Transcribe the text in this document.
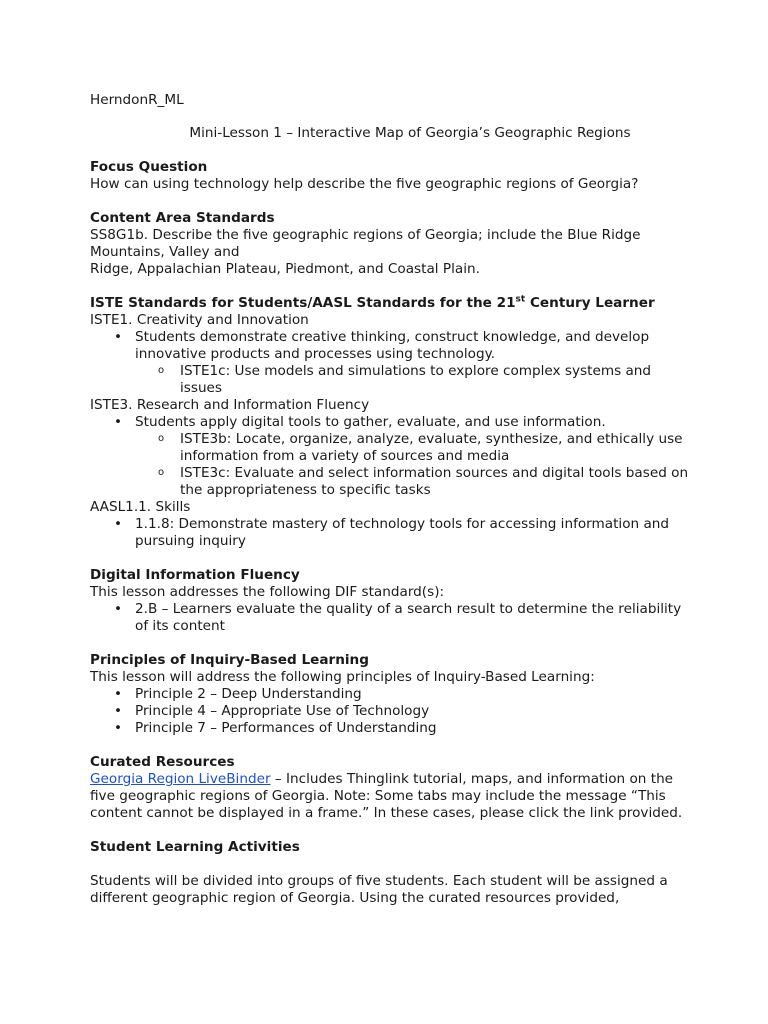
HerndonR_ML

Mini-Lesson 1 – Interactive Map of Georgia’s Geographic Regions

Focus Question

How can using technology help describe the five geographic regions of Georgia?

Content Area Standards

SS8G1b. Describe the five geographic regions of Georgia; include the Blue Ridge

Mountains, Valley and

Ridge, Appalachian Plateau, Piedmont, and Coastal Plain.

ISTE Standards for Students/AASL Standards for the 21st Century Learner

ISTE1. Creativity and Innovation

• Students demonstrate creative thinking, construct knowledge, and develop innovative products and processes using technology.
o ISTE1c: Use models and simulations to explore complex systems and issues

ISTE3. Research and Information Fluency

• Students apply digital tools to gather, evaluate, and use information.
o ISTE3b: Locate, organize, analyze, evaluate, synthesize, and ethically use information from a variety of sources and media
o ISTE3c: Evaluate and select information sources and digital tools based on the appropriateness to specific tasks

AASL1.1. Skills

• 1.1.8: Demonstrate mastery of technology tools for accessing information and pursuing inquiry

Digital Information Fluency

This lesson addresses the following DIF standard(s):

• 2.B – Learners evaluate the quality of a search result to determine the reliability of its content

Principles of Inquiry-Based Learning

This lesson will address the following principles of Inquiry-Based Learning:

• Principle 2 – Deep Understanding
• Principle 4 – Appropriate Use of Technology
• Principle 7 – Performances of Understanding

Curated Resources

Georgia Region LiveBinder – Includes Thinglink tutorial, maps, and information on the five geographic regions of Georgia. Note: Some tabs may include the message “This content cannot be displayed in a frame.” In these cases, please click the link provided.

Student Learning Activities

Students will be divided into groups of five students. Each student will be assigned a different geographic region of Georgia. Using the curated resources provided,
